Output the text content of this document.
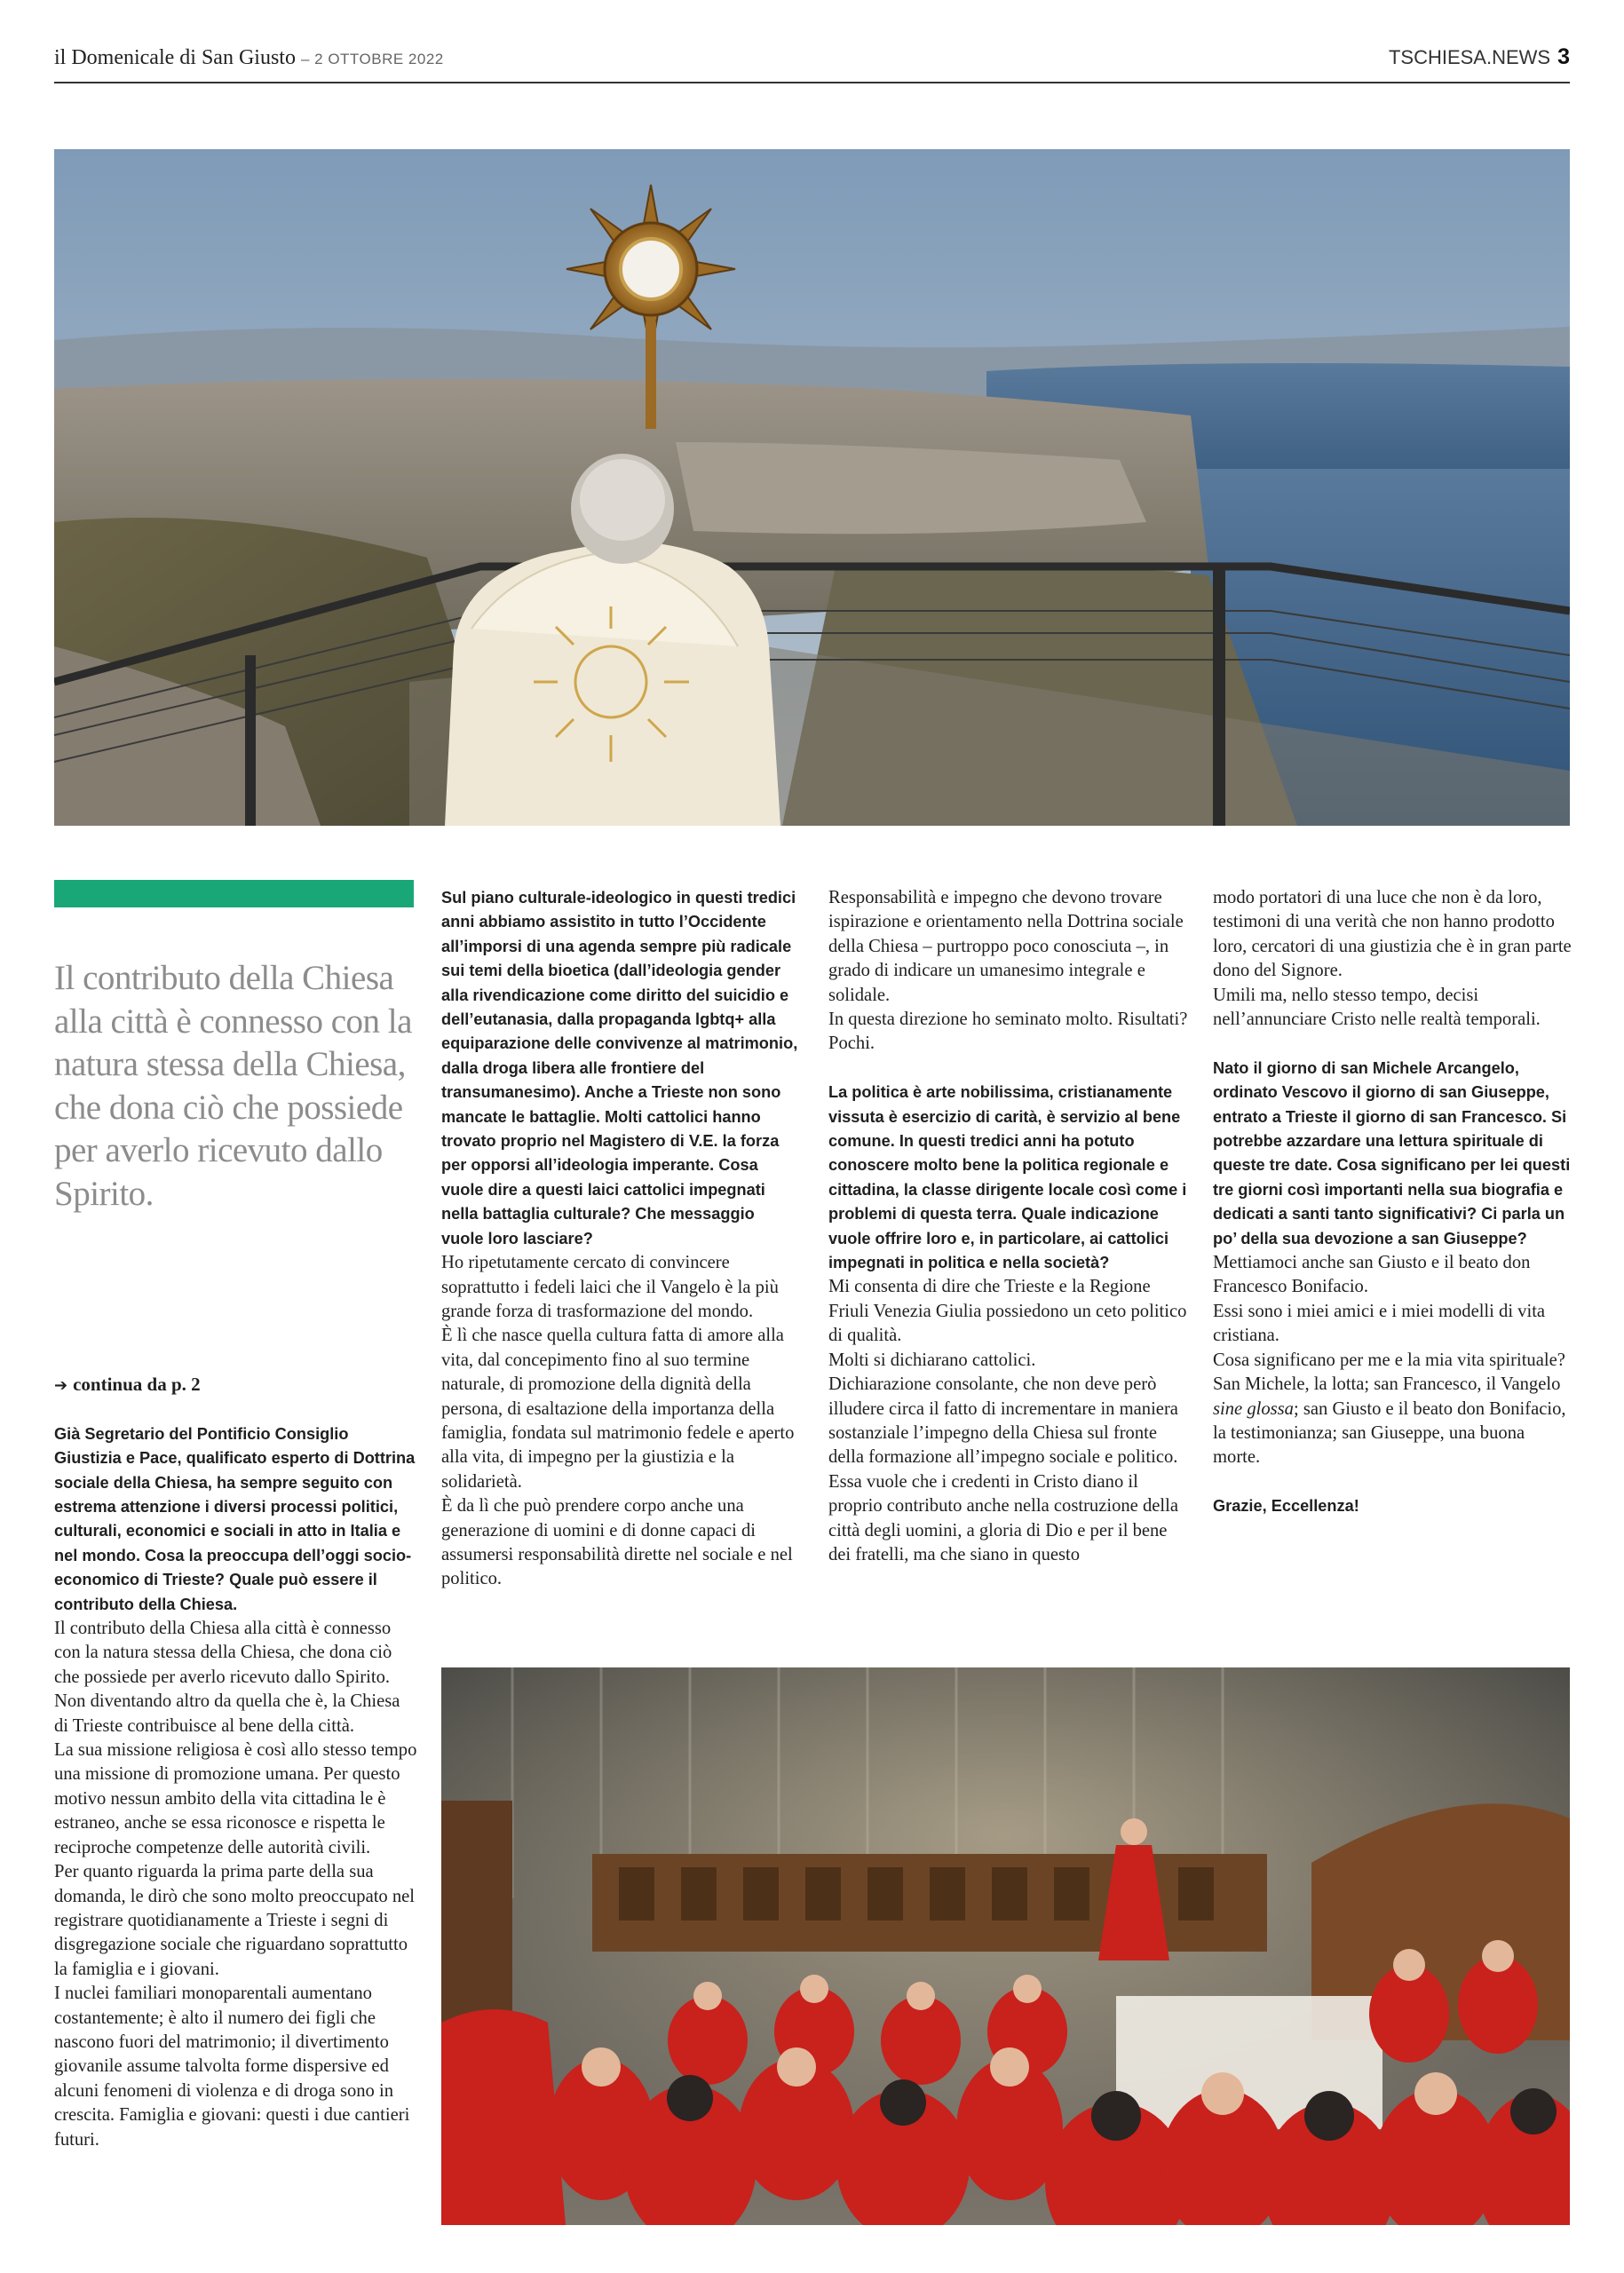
il Domenicale di San Giusto – 2 OTTOBRE 2022	TSCHIESA.NEWS 3
Il contributo della Chiesa alla città è connesso con la natura stessa della Chiesa, che dona ciò che possiede per averlo ricevuto dallo Spirito.

➔ continua da p. 2

Già Segretario del Pontificio Consiglio Giustizia e Pace, qualificato esperto di Dottrina sociale della Chiesa, ha sempre seguito con estrema attenzione i diversi processi politici, culturali, economici e sociali in atto in Italia e nel mondo. Cosa la preoccupa dell’oggi socio-economico di Trieste? Quale può essere il contributo della Chiesa.

Il contributo della Chiesa alla città è connesso con la natura stessa della Chiesa, che dona ciò che possiede per averlo ricevuto dallo Spirito. Non diventando altro da quella che è, la Chiesa di Trieste contribuisce al bene della città.

La sua missione religiosa è così allo stesso tempo una missione di promozione umana. Per questo motivo nessun ambito della vita cittadina le è estraneo, anche se essa riconosce e rispetta le reciproche competenze delle autorità civili.

Per quanto riguarda la prima parte della sua domanda, le dirò che sono molto preoccupato nel registrare quotidianamente a Trieste i segni di disgregazione sociale che riguardano soprattutto la famiglia e i giovani.

I nuclei familiari monoparentali aumentano costantemente; è alto il numero dei figli che nascono fuori del matrimonio; il divertimento giovanile assume talvolta forme dispersive ed alcuni fenomeni di violenza e di droga sono in crescita. Famiglia e giovani: questi i due cantieri futuri.

Sul piano culturale-ideologico in questi tredici anni abbiamo assistito in tutto l’Occidente all’imporsi di una agenda sempre più radicale sui temi della bioetica (dall’ideologia gender alla rivendicazione come diritto del suicidio e dell’eutanasia, dalla propaganda lgbtq+ alla equiparazione delle convivenze al matrimonio, dalla droga libera alle frontiere del transumanesimo). Anche a Trieste non sono mancate le battaglie. Molti cattolici hanno trovato proprio nel Magistero di V.E. la forza per opporsi all’ideologia imperante. Cosa vuole dire a questi laici cattolici impegnati nella battaglia culturale? Che messaggio vuole loro lasciare?

Ho ripetutamente cercato di convincere soprattutto i fedeli laici che il Vangelo è la più grande forza di trasformazione del mondo.

È lì che nasce quella cultura fatta di amore alla vita, dal concepimento fino al suo termine naturale, di promozione della dignità della persona, di esaltazione della importanza della famiglia, fondata sul matrimonio fedele e aperto alla vita, di impegno per la giustizia e la solidarietà.

È da lì che può prendere corpo anche una generazione di uomini e di donne capaci di assumersi responsabilità dirette nel sociale e nel politico.

Responsabilità e impegno che devono trovare ispirazione e orientamento nella Dottrina sociale della Chiesa – purtroppo poco conosciuta –, in grado di indicare un umanesimo integrale e solidale.

In questa direzione ho seminato molto. Risultati? Pochi.

La politica è arte nobilissima, cristianamente vissuta è esercizio di carità, è servizio al bene comune. In questi tredici anni ha potuto conoscere molto bene la politica regionale e cittadina, la classe dirigente locale così come i problemi di questa terra. Quale indicazione vuole offrire loro e, in particolare, ai cattolici impegnati in politica e nella società?

Mi consenta di dire che Trieste e la Regione Friuli Venezia Giulia possiedono un ceto politico di qualità.

Molti si dichiarano cattolici.

Dichiarazione consolante, che non deve però illudere circa il fatto di incrementare in maniera sostanziale l’impegno della Chiesa sul fronte della formazione all’impegno sociale e politico.

Essa vuole che i credenti in Cristo diano il proprio contributo anche nella costruzione della città degli uomini, a gloria di Dio e per il bene dei fratelli, ma che siano in questo

modo portatori di una luce che non è da loro, testimoni di una verità che non hanno prodotto loro, cercatori di una giustizia che è in gran parte dono del Signore.

Umili ma, nello stesso tempo, decisi nell’annunciare Cristo nelle realtà temporali.

Nato il giorno di san Michele Arcangelo, ordinato Vescovo il giorno di san Giuseppe, entrato a Trieste il giorno di san Francesco. Si potrebbe azzardare una lettura spirituale di queste tre date. Cosa significano per lei questi tre giorni così importanti nella sua biografia e dedicati a santi tanto significativi? Ci parla un po’ della sua devozione a san Giuseppe?

Mettiamoci anche san Giusto e il beato don Francesco Bonifacio.

Essi sono i miei amici e i miei modelli di vita cristiana.

Cosa significano per me e la mia vita spirituale? San Michele, la lotta; san Francesco, il Vangelo sine glossa; san Giusto e il beato don Bonifacio, la testimonianza; san Giuseppe, una buona morte.

Grazie, Eccellenza!
